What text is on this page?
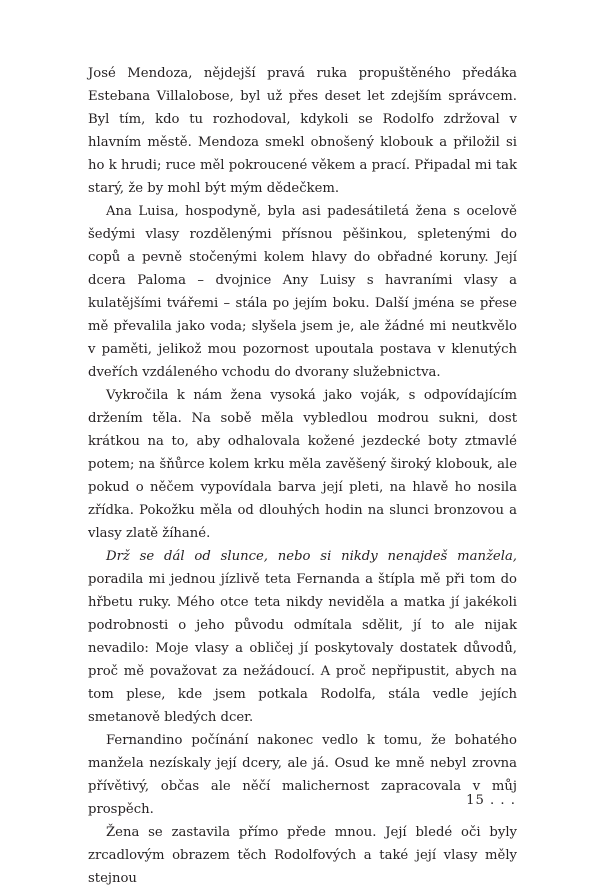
José Mendoza, nějdejší pravá ruka propuštěného předáka Estebana Villalobose, byl už přes deset let zdejším správcem. Byl tím, kdo tu rozhodoval, kdykoli se Rodolfo zdržoval v hlavním městě. Mendoza smekl obnošený klobouk a přiložil si ho k hrudi; ruce měl pokroucené věkem a prací. Připadal mi tak starý, že by mohl být mým dědečkem.

Ana Luisa, hospodyně, byla asi padesátiletá žena s ocelově šedými vlasy rozdělenými přísnou pěšinkou, spletenými do copů a pevně stočenými kolem hlavy do obřadné koruny. Její dcera Paloma – dvojnice Any Luisy s havraními vlasy a kulatějšími tvářemi – stála po jejím boku. Další jména se přese mě převalila jako voda; slyšela jsem je, ale žádné mi neutkvělo v paměti, jelikož mou pozornost upoutala postava v klenutých dveřích vzdáleného vchodu do dvorany služebnictva.

Vykročila k nám žena vysoká jako voják, s odpovídajícím držením těla. Na sobě měla vybledlou modrou sukni, dost krátkou na to, aby odhalovala kožené jezdecké boty ztmavlé potem; na šňůrce kolem krku měla zavěšený široký klobouk, ale pokud o něčem vypovídala barva její pleti, na hlavě ho nosila zřídka. Pokožku měla od dlouhých hodin na slunci bronzovou a vlasy zlatě žíhané.

Drž se dál od slunce, nebo si nikdy nenajdeš manžela, poradila mi jednou jízlivě teta Fernanda a štípla mě při tom do hřbetu ruky. Mého otce teta nikdy neviděla a matka jí jakékoli podrobnosti o jeho původu odmítala sdělit, jí to ale nijak nevadilo: Moje vlasy a obličej jí poskytovaly dostatek důvodů, proč mě považovat za nežádoucí. A proč nepřipustit, abych na tom plese, kde jsem potkala Rodolfa, stála vedle jejích smetanově bledých dcer.

Fernandino počínání nakonec vedlo k tomu, že bohatého manžela nezískaly její dcery, ale já. Osud ke mně nebyl zrovna přívětivý, občas ale něčí malichernost zapracovala v můj prospěch.

Žena se zastavila přímo přede mnou. Její bledé oči byly zrcadlovým obrazem těch Rodolfových a také její vlasy měly stejnou

15 . . .
